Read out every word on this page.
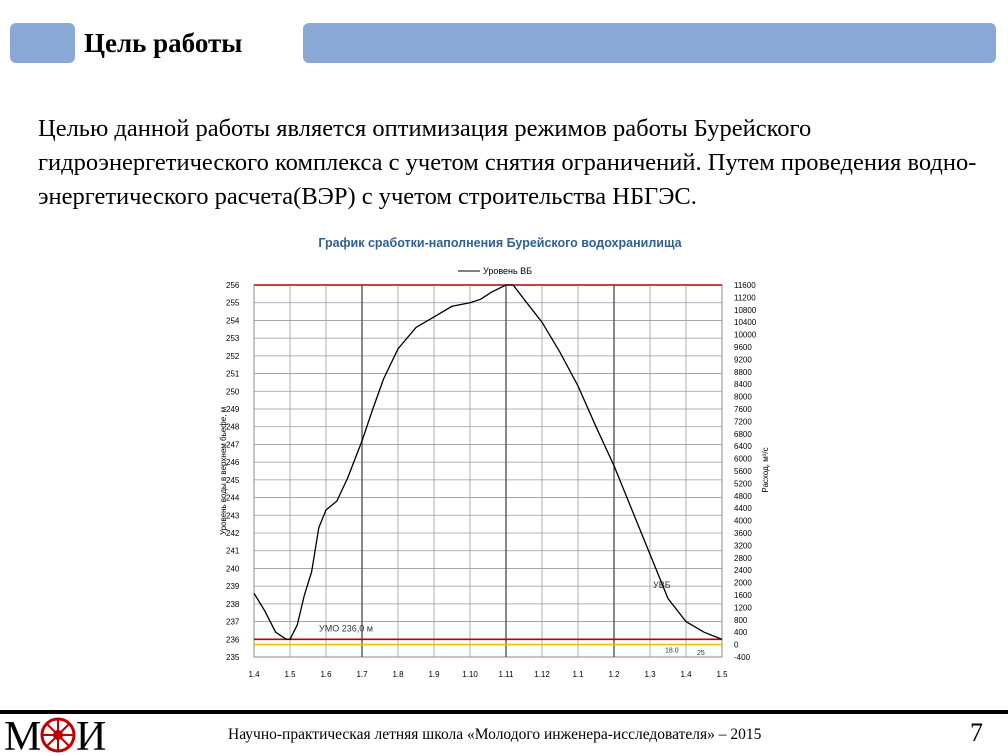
Цель работы
Целью данной работы является оптимизация режимов работы Бурейского гидроэнергетического комплекса с учетом снятия ограничений. Путем проведения водно-энергетического расчета(ВЭР) с учетом строительства НБГЭС.
График сработки-наполнения Бурейского водохранилища
Уровень ВБ
235
236
237
238
239
240
241
242
243
244
245
246
247
248
249
250
251
252
253
254
255
256
-400
0
400
800
1200
1600
2000
2400
2800
3200
3600
4000
4400
4800
5200
5600
6000
6400
6800
7200
7600
8000
8400
8800
9200
9600
10000
10400
10800
11200
11600
1.4	1.5	1.6	1.7	1.8	1.9	1.10	1.11	1.12	1.1	1.2	1.3	1.4	1.5
Уровень воды в верхнем бьефе, м	Расход, м³/с
УМО 236,0 м
УВБ
18.0	25
М И	Научно-практическая летняя школа «Молодого инженера-исследователя» – 2015	7
